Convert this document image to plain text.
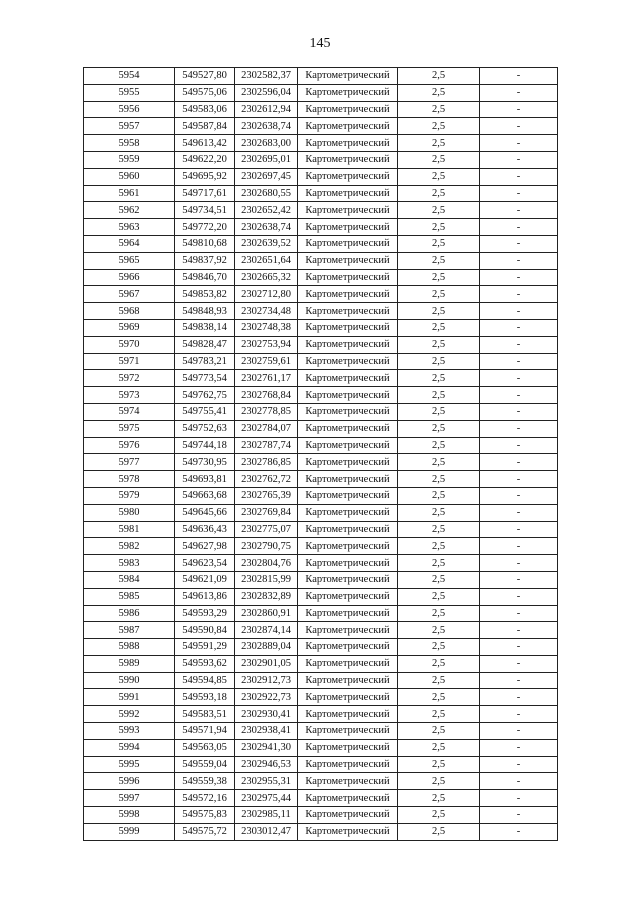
145
5954	549527,80	2302582,37	Картометрический	2,5	-
5955	549575,06	2302596,04	Картометрический	2,5	-
5956	549583,06	2302612,94	Картометрический	2,5	-
5957	549587,84	2302638,74	Картометрический	2,5	-
5958	549613,42	2302683,00	Картометрический	2,5	-
5959	549622,20	2302695,01	Картометрический	2,5	-
5960	549695,92	2302697,45	Картометрический	2,5	-
5961	549717,61	2302680,55	Картометрический	2,5	-
5962	549734,51	2302652,42	Картометрический	2,5	-
5963	549772,20	2302638,74	Картометрический	2,5	-
5964	549810,68	2302639,52	Картометрический	2,5	-
5965	549837,92	2302651,64	Картометрический	2,5	-
5966	549846,70	2302665,32	Картометрический	2,5	-
5967	549853,82	2302712,80	Картометрический	2,5	-
5968	549848,93	2302734,48	Картометрический	2,5	-
5969	549838,14	2302748,38	Картометрический	2,5	-
5970	549828,47	2302753,94	Картометрический	2,5	-
5971	549783,21	2302759,61	Картометрический	2,5	-
5972	549773,54	2302761,17	Картометрический	2,5	-
5973	549762,75	2302768,84	Картометрический	2,5	-
5974	549755,41	2302778,85	Картометрический	2,5	-
5975	549752,63	2302784,07	Картометрический	2,5	-
5976	549744,18	2302787,74	Картометрический	2,5	-
5977	549730,95	2302786,85	Картометрический	2,5	-
5978	549693,81	2302762,72	Картометрический	2,5	-
5979	549663,68	2302765,39	Картометрический	2,5	-
5980	549645,66	2302769,84	Картометрический	2,5	-
5981	549636,43	2302775,07	Картометрический	2,5	-
5982	549627,98	2302790,75	Картометрический	2,5	-
5983	549623,54	2302804,76	Картометрический	2,5	-
5984	549621,09	2302815,99	Картометрический	2,5	-
5985	549613,86	2302832,89	Картометрический	2,5	-
5986	549593,29	2302860,91	Картометрический	2,5	-
5987	549590,84	2302874,14	Картометрический	2,5	-
5988	549591,29	2302889,04	Картометрический	2,5	-
5989	549593,62	2302901,05	Картометрический	2,5	-
5990	549594,85	2302912,73	Картометрический	2,5	-
5991	549593,18	2302922,73	Картометрический	2,5	-
5992	549583,51	2302930,41	Картометрический	2,5	-
5993	549571,94	2302938,41	Картометрический	2,5	-
5994	549563,05	2302941,30	Картометрический	2,5	-
5995	549559,04	2302946,53	Картометрический	2,5	-
5996	549559,38	2302955,31	Картометрический	2,5	-
5997	549572,16	2302975,44	Картометрический	2,5	-
5998	549575,83	2302985,11	Картометрический	2,5	-
5999	549575,72	2303012,47	Картометрический	2,5	-
